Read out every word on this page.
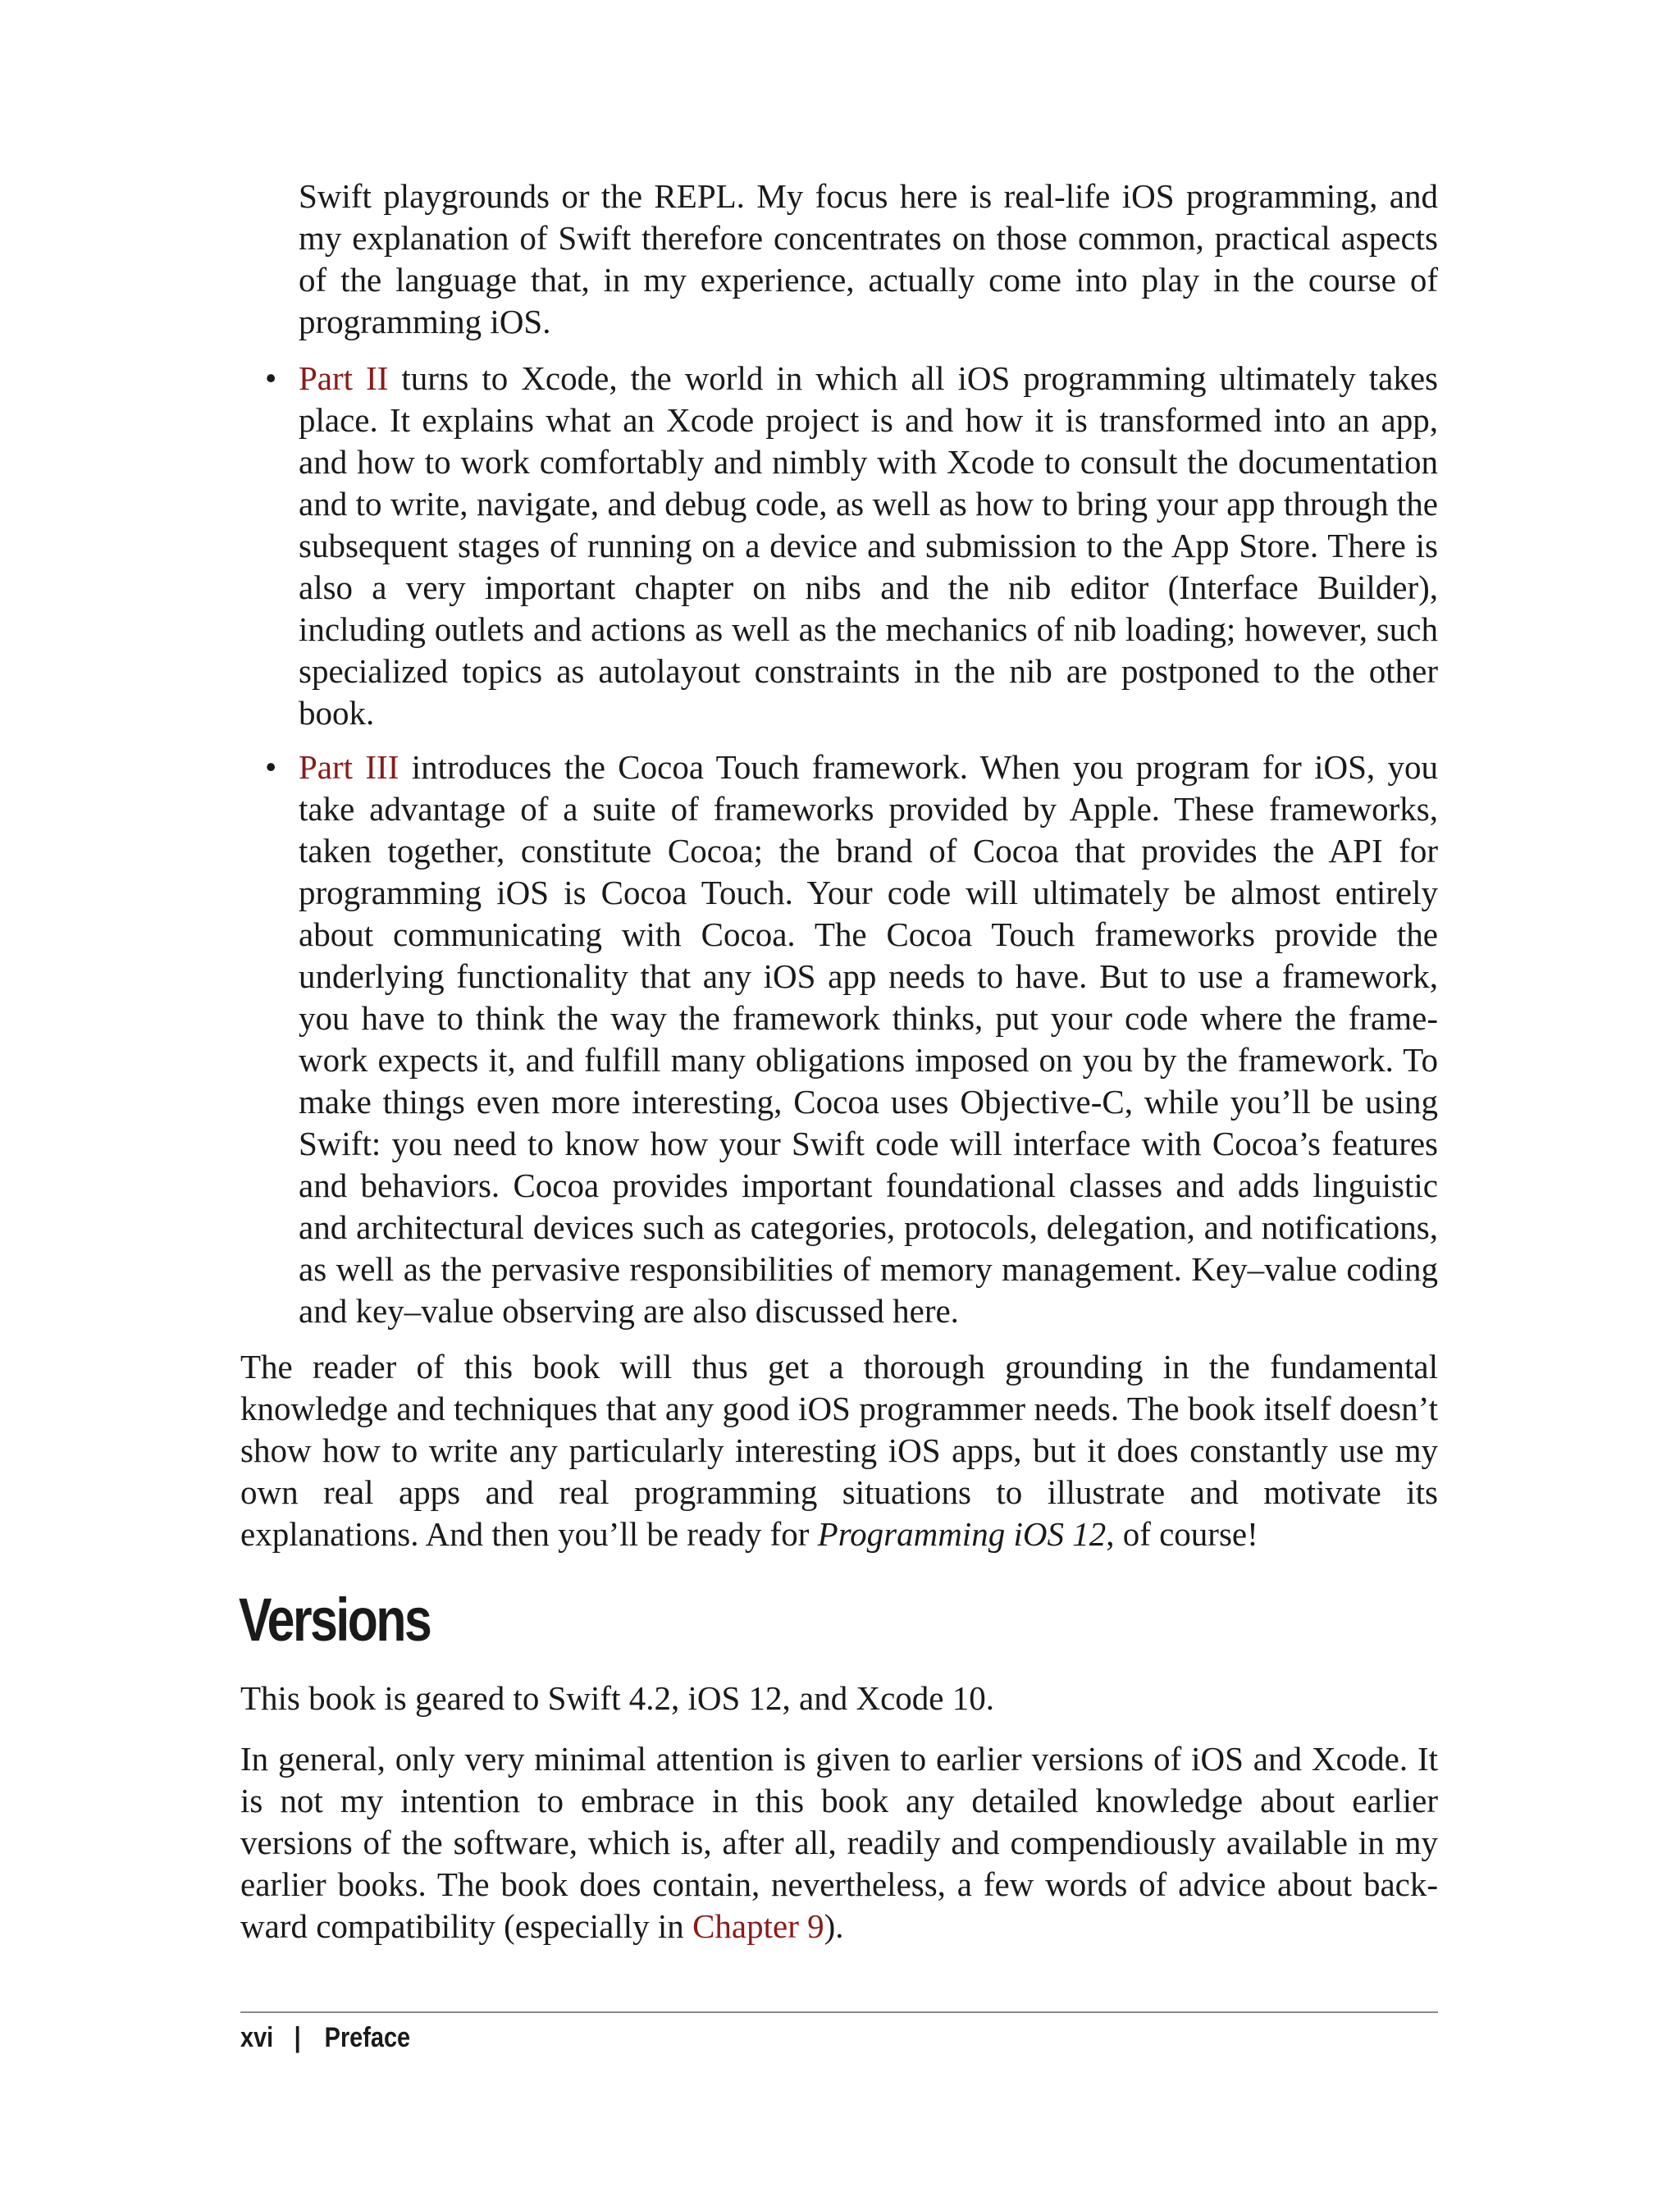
Swift playgrounds or the REPL. My focus here is real-life iOS programming, and my explanation of Swift therefore concentrates on those common, practical aspects of the language that, in my experience, actually come into play in the course of programming iOS.
• Part II turns to Xcode, the world in which all iOS programming ultimately takes place. It explains what an Xcode project is and how it is transformed into an app, and how to work comfortably and nimbly with Xcode to consult the documentation and to write, navigate, and debug code, as well as how to bring your app through the subsequent stages of running on a device and submission to the App Store. There is also a very important chapter on nibs and the nib editor (Interface Builder), including outlets and actions as well as the mechanics of nib loading; however, such specialized topics as autolayout constraints in the nib are postponed to the other book.
• Part III introduces the Cocoa Touch framework. When you program for iOS, you take advantage of a suite of frameworks provided by Apple. These frameworks, taken together, constitute Cocoa; the brand of Cocoa that provides the API for programming iOS is Cocoa Touch. Your code will ultimately be almost entirely about communicating with Cocoa. The Cocoa Touch frameworks provide the underlying functionality that any iOS app needs to have. But to use a framework, you have to think the way the framework thinks, put your code where the framework expects it, and fulfill many obligations imposed on you by the framework. To make things even more interesting, Cocoa uses Objective-C, while you’ll be using Swift: you need to know how your Swift code will interface with Cocoa’s features and behaviors. Cocoa provides important foundational classes and adds linguistic and architectural devices such as categories, protocols, delegation, and notifications, as well as the pervasive responsibilities of memory management. Key–value coding and key–value observing are also discussed here.
The reader of this book will thus get a thorough grounding in the fundamental knowledge and techniques that any good iOS programmer needs. The book itself doesn’t show how to write any particularly interesting iOS apps, but it does constantly use my own real apps and real programming situations to illustrate and motivate its explanations. And then you’ll be ready for Programming iOS 12, of course!
Versions
This book is geared to Swift 4.2, iOS 12, and Xcode 10.
In general, only very minimal attention is given to earlier versions of iOS and Xcode. It is not my intention to embrace in this book any detailed knowledge about earlier versions of the software, which is, after all, readily and compendiously available in my earlier books. The book does contain, nevertheless, a few words of advice about backward compatibility (especially in Chapter 9).
xvi | Preface
